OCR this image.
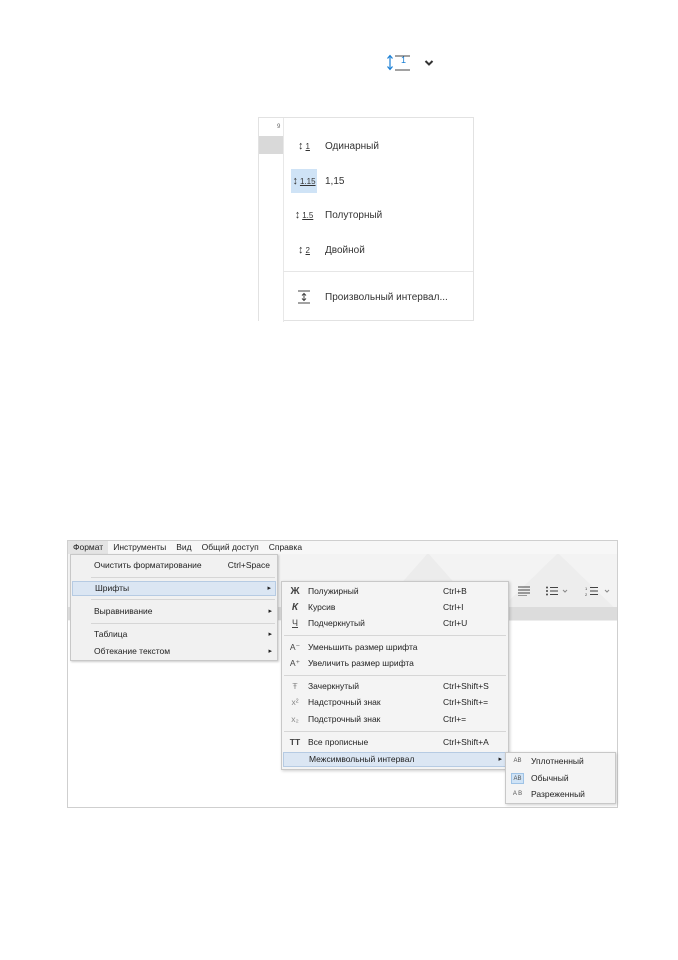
1
9
↕ 1 Одинарный
↕ 1.15 1,15
↕ 1.5 Полуторный
↕ 2 Двойной
Произвольный интервал...
Формат	Инструменты	Вид	Общий доступ	Справка
1
2
Очистить форматирование	Ctrl+Space
Шрифты	▸
Выравнивание	▸
Таблица	▸
Обтекание текстом	▸
Ж Полужирный	Ctrl+B
К	Курсив	Ctrl+I
Ч	Подчеркнутый	Ctrl+U
A⁻ Уменьшить размер шрифта
A⁺ Увеличить размер шрифта
Ŧ	Зачеркнутый	Ctrl+Shift+S
x²	Надстрочный знак	Ctrl+Shift+=
x₂	Подстрочный знак	Ctrl+=
TT Все прописные	Ctrl+Shift+A
Межсимвольный интервал	▸	AB Уплотненный
AB Обычный
A B Разреженный
